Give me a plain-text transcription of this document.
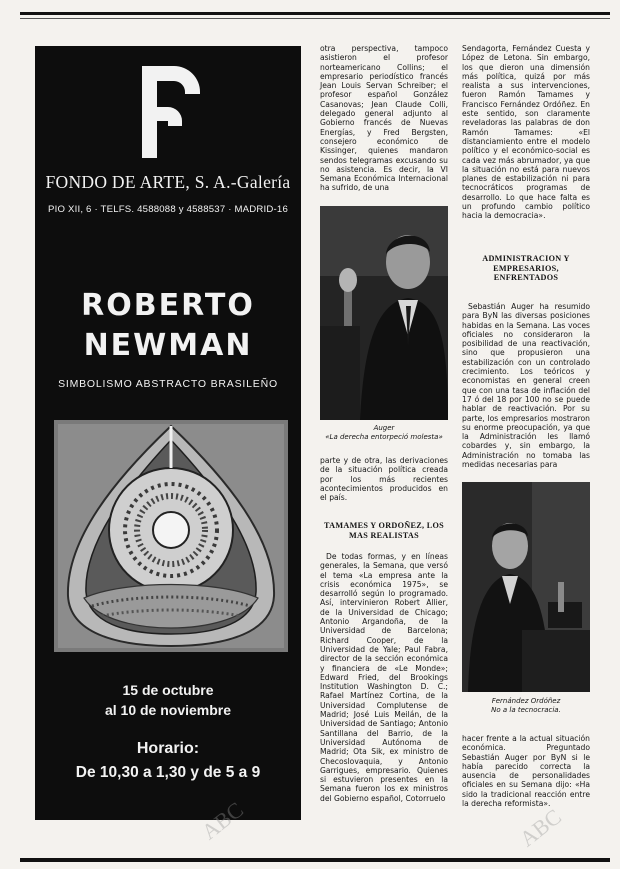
FONDO DE ARTE, S. A.-Galería
PIO XII, 6 · TELFS. 4588088 y 4588537 · MADRID-16
ROBERTO
NEWMAN
SIMBOLISMO ABSTRACTO BRASILEÑO
15 de octubre
al 10 de noviembre
Horario:
De 10,30 a 1,30 y de 5 a 9

otra perspectiva, tampoco asistieron el profesor norteamericano Collins; el empresario periodístico francés Jean Louis Servan Schreiber; el profesor español González Casanovas; Jean Claude Colli, delegado general adjunto al Gobierno francés de Nuevas Energías, y Fred Bergsten, consejero económico de Kissinger, quienes mandaron sendos telegramas excusando su no asistencia. Es decir, la VI Semana Económica Internacional ha sufrido, de una

Auger
«La derecha entorpeció molesta»

parte y de otra, las derivaciones de la situación política creada por los más recientes acontecimientos producidos en el país.

TAMAMES Y ORDOÑEZ, LOS MAS REALISTAS

De todas formas, y en líneas generales, la Semana, que versó el tema «La empresa ante la crisis económica 1975», se desarrolló según lo programado. Así, intervinieron Robert Allier, de la Universidad de Chicago; Antonio Argandoña, de la Universidad de Barcelona; Richard Cooper, de la Universidad de Yale; Paul Fabra, director de la sección económica y financiera de «Le Monde»; Edward Fried, del Brookings Institution Washington D. C.; Rafael Martínez Cortina, de la Universidad Complutense de Madrid; José Luis Meilán, de la Universidad de Santiago; Antonio Santillana del Barrio, de la Universidad Autónoma de Madrid; Ota Sik, ex ministro de Checoslovaquia, y Antonio Garrigues, empresario. Quienes si estuvieron presentes en la Semana fueron los ex ministros del Gobierno español, Cotorruelo

Sendagorta, Fernández Cuesta y López de Letona. Sin embargo, los que dieron una dimensión más política, quizá por más realista a sus intervenciones, fueron Ramón Tamames y Francisco Fernández Ordóñez. En este sentido, son claramente reveladoras las palabras de don Ramón Tamames: «El distanciamiento entre el modelo político y el económico-social es cada vez más abrumador, ya que la situación no está para nuevos planes de estabilización ni para tecnocráticos programas de desarrollo. Lo que hace falta es un profundo cambio político hacia la democracia».

ADMINISTRACION Y EMPRESARIOS, ENFRENTADOS

Sebastián Auger ha resumido para ByN las diversas posiciones habidas en la Semana. Las voces oficiales no consideraron la posibilidad de una reactivación, sino que propusieron una estabilización con un controlado crecimiento. Los teóricos y economistas en general creen que con una tasa de inflación del 17 ó del 18 por 100 no se puede hablar de reactivación. Por su parte, los empresarios mostraron su enorme preocupación, ya que la Administración les llamó cobardes y, sin embargo, la Administración no tomaba las medidas necesarias para

Fernández Ordóñez
No a la tecnocracia.

hacer frente a la actual situación económica. Preguntado Sebastián Auger por ByN si le había parecido correcta la ausencia de personalidades oficiales en su Semana dijo: «Ha sido la tradicional reacción entre la derecha reformista».

ABC	ABC
